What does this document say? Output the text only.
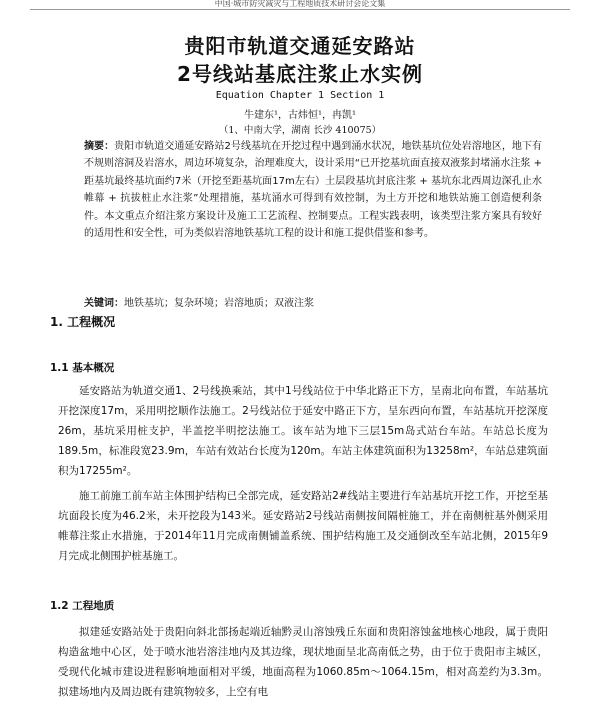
中国·城市防灾减灾与工程地质技术研讨会论文集
贵阳市轨道交通延安路站
2号线站基底注浆止水实例
Equation Chapter 1 Section 1
牛建东¹，古炜恒¹，冉凯¹
（1、中南大学，湖南 长沙 410075）
摘要：贵阳市轨道交通延安路站2号线基坑在开挖过程中遇到涌水状况，地铁基坑位处岩溶地区，地下有不规则溶洞及岩溶水，周边环境复杂，治理难度大，设计采用“已开挖基坑面直接双液浆封堵涌水注浆 + 距基坑最终基坑面约7米（开挖至距基坑面17m左右）土层段基坑封底注浆 + 基坑东北西周边深孔止水帷幕 + 抗拔桩止水注浆”处理措施，基坑涌水可得到有效控制，为土方开挖和地铁站施工创造便利条件。本文重点介绍注浆方案设计及施工工艺流程、控制要点。工程实践表明，该类型注浆方案具有较好的适用性和安全性，可为类似岩溶地铁基坑工程的设计和施工提供借鉴和参考。
关键词：地铁基坑；复杂环境；岩溶地质；双液注浆
1. 工程概况
1.1 基本概况

延安路站为轨道交通1、2号线换乘站，其中1号线站位于中华北路正下方，呈南北向布置，车站基坑开挖深度17m，采用明挖顺作法施工。2号线站位于延安中路正下方，呈东西向布置，车站基坑开挖深度26m，基坑采用桩支护，半盖挖半明挖法施工。该车站为地下三层15m岛式站台车站。车站总长度为189.5m，标准段宽23.9m，车站有效站台长度为120m。车站主体建筑面积为13258m²，车站总建筑面积为17255m²。

施工前施工前车站主体围护结构已全部完成，延安路站2#线站主要进行车站基坑开挖工作，开挖至基坑面段长度为46.2米，未开挖段为143米。延安路站2号线站南侧按间隔桩施工，并在南侧桩基外侧采用帷幕注浆止水措施，于2014年11月完成南侧铺盖系统、围护结构施工及交通倒改至车站北侧，2015年9月完成北侧围护桩基施工。

1.2 工程地质

拟建延安路站处于贵阳向斜北部扬起端近轴黔灵山溶蚀残丘东面和贵阳溶蚀盆地核心地段，属于贵阳构造盆地中心区，处于喷水池岩溶洼地内及其边缘，现状地面呈北高南低之势，由于位于贵阳市主城区，受现代化城市建设进程影响地面相对平缓，地面高程为1060.85m～1064.15m，相对高差约为3.3m。拟建场地内及周边既有建筑物较多，上空有电
